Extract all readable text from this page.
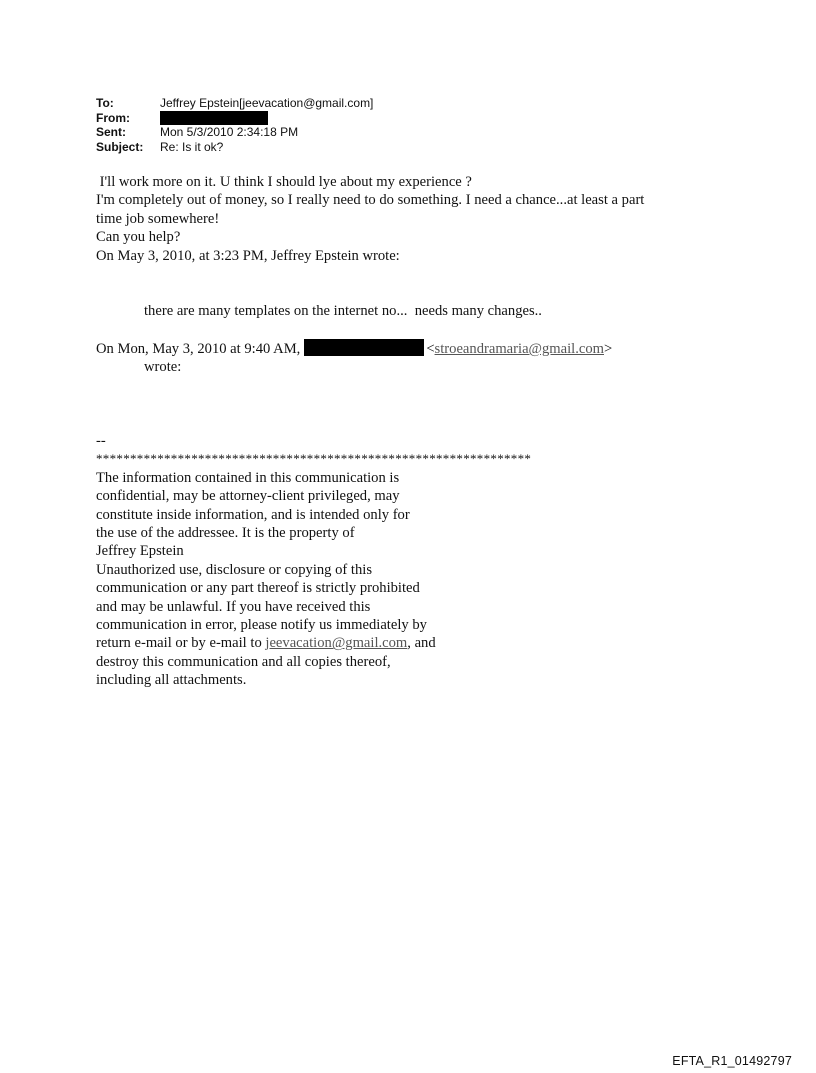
To:	Jeffrey Epstein[jeevacation@gmail.com]
From:
Sent:	Mon 5/3/2010 2:34:18 PM
Subject:	Re: Is it ok?
I'll work more on it. U think I should lye about my experience ?
I'm completely out of money, so I really need to do something. I need a chance...at least a part
time job somewhere!
Can you help?
On May 3, 2010, at 3:23 PM, Jeffrey Epstein wrote:
there are many templates on the internet no...  needs many changes..
On Mon, May 3, 2010 at 9:40 AM,	<stroeandramaria@gmail.com>
wrote:
--
****************************************************************
The information contained in this communication is
confidential, may be attorney-client privileged, may
constitute inside information, and is intended only for
the use of the addressee. It is the property of
Jeffrey Epstein
Unauthorized use, disclosure or copying of this
communication or any part thereof is strictly prohibited
and may be unlawful. If you have received this
communication in error, please notify us immediately by
return e-mail or by e-mail to jeevacation@gmail.com, and
destroy this communication and all copies thereof,
including all attachments.
EFTA_R1_01492797
